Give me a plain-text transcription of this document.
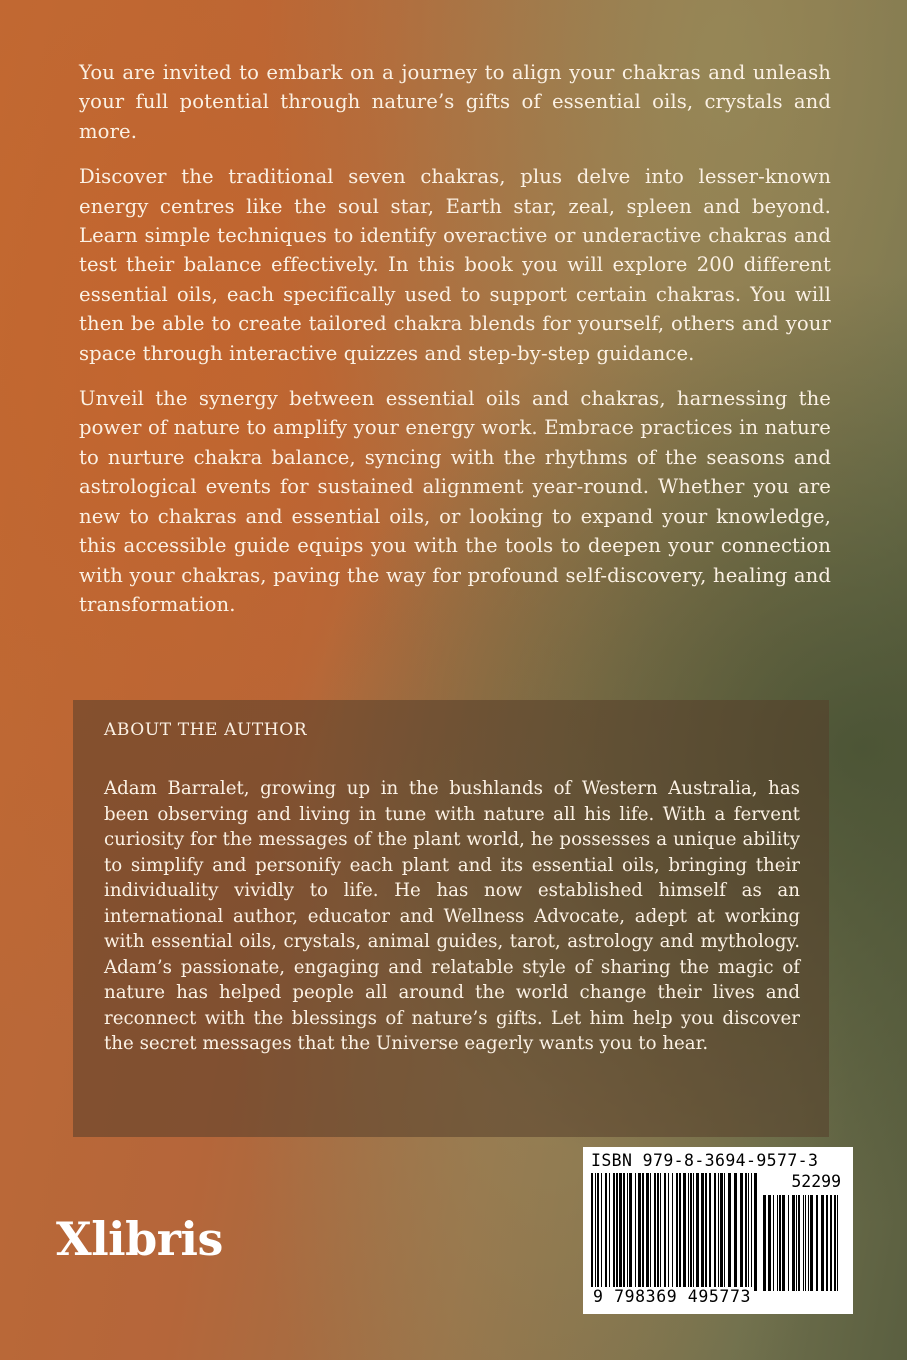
You are invited to embark on a journey to align your chakras and unleash your full potential through nature’s gifts of essential oils, crystals and more.

Discover the traditional seven chakras, plus delve into lesser-known energy centres like the soul star, Earth star, zeal, spleen and beyond. Learn simple techniques to identify overactive or underactive chakras and test their balance effectively. In this book you will explore 200 different essential oils, each specifically used to support certain chakras. You will then be able to create tailored chakra blends for yourself, others and your space through interactive quizzes and step-by-step guidance.

Unveil the synergy between essential oils and chakras, harnessing the power of nature to amplify your energy work. Embrace practices in nature to nurture chakra balance, syncing with the rhythms of the seasons and astrological events for sustained alignment year-round. Whether you are new to chakras and essential oils, or looking to expand your knowledge, this accessible guide equips you with the tools to deepen your connection with your chakras, paving the way for profound self-discovery, healing and transformation.

ABOUT THE AUTHOR

Adam Barralet, growing up in the bushlands of Western Australia, has been observing and living in tune with nature all his life. With a fervent curiosity for the messages of the plant world, he possesses a unique ability to simplify and personify each plant and its essential oils, bringing their individuality vividly to life. He has now established himself as an international author, educator and Wellness Advocate, adept at working with essential oils, crystals, animal guides, tarot, astrology and mythology. Adam’s passionate, engaging and relatable style of sharing the magic of nature has helped people all around the world change their lives and reconnect with the blessings of nature’s gifts. Let him help you discover the secret messages that the Universe eagerly wants you to hear.

Xlibris
ISBN 979-8-3694-9577-3
52299
9 798369 495773
